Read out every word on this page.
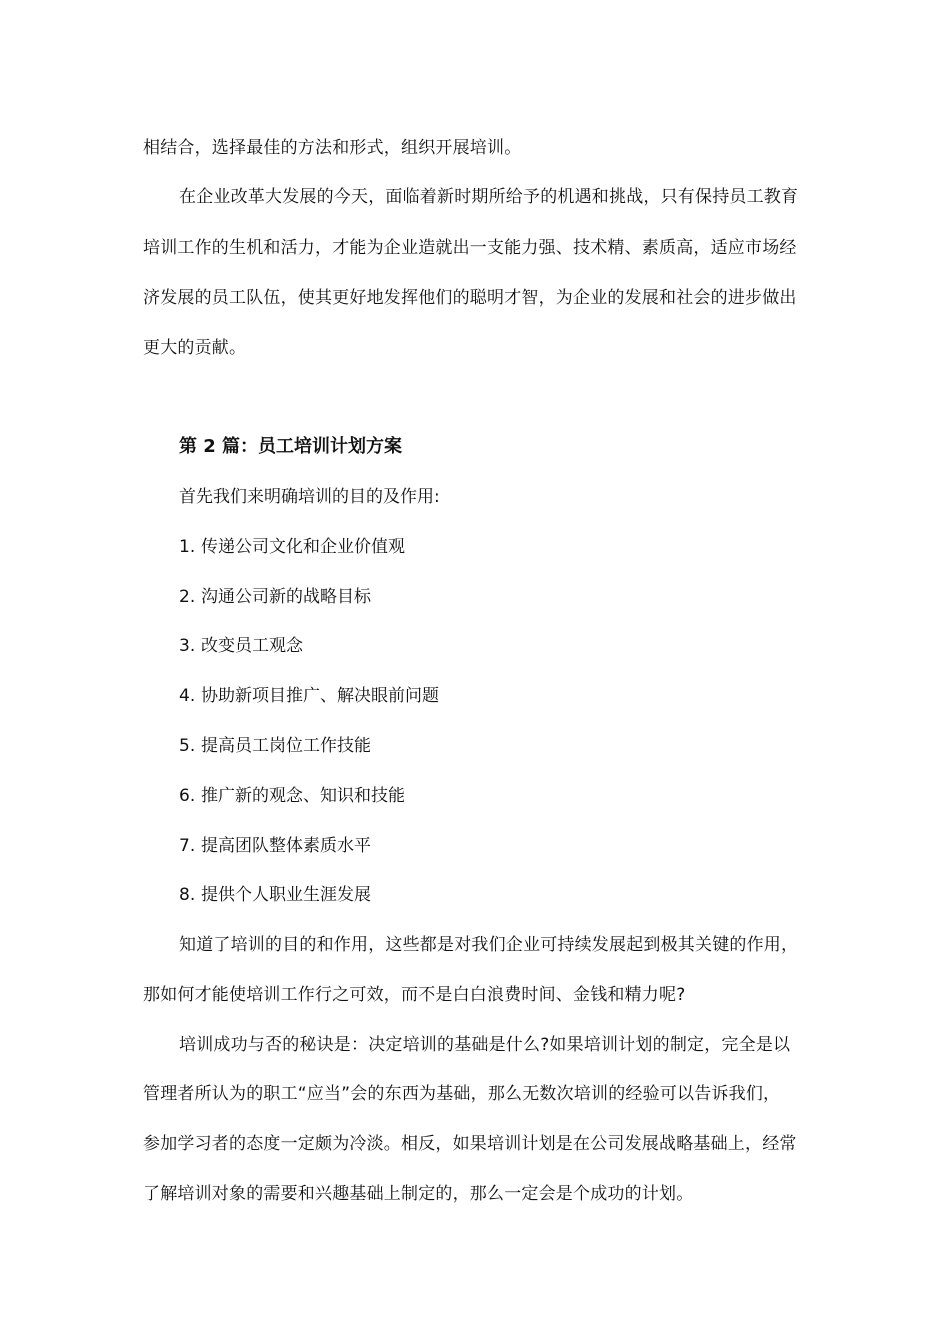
相结合，选择最佳的方法和形式，组织开展培训。
在企业改革大发展的今天，面临着新时期所给予的机遇和挑战，只有保持员工教育
培训工作的生机和活力，才能为企业造就出一支能力强、技术精、素质高，适应市场经
济发展的员工队伍，使其更好地发挥他们的聪明才智，为企业的发展和社会的进步做出
更大的贡献。
第 2 篇：员工培训计划方案
首先我们来明确培训的目的及作用:
1. 传递公司文化和企业价值观
2. 沟通公司新的战略目标
3. 改变员工观念
4. 协助新项目推广、解决眼前问题
5. 提高员工岗位工作技能
6. 推广新的观念、知识和技能
7. 提高团队整体素质水平
8. 提供个人职业生涯发展
知道了培训的目的和作用，这些都是对我们企业可持续发展起到极其关键的作用，
那如何才能使培训工作行之可效，而不是白白浪费时间、金钱和精力呢?
培训成功与否的秘诀是：决定培训的基础是什么?如果培训计划的制定，完全是以
管理者所认为的职工“应当”会的东西为基础，那么无数次培训的经验可以告诉我们，
参加学习者的态度一定颇为冷淡。相反，如果培训计划是在公司发展战略基础上，经常
了解培训对象的需要和兴趣基础上制定的，那么一定会是个成功的计划。
